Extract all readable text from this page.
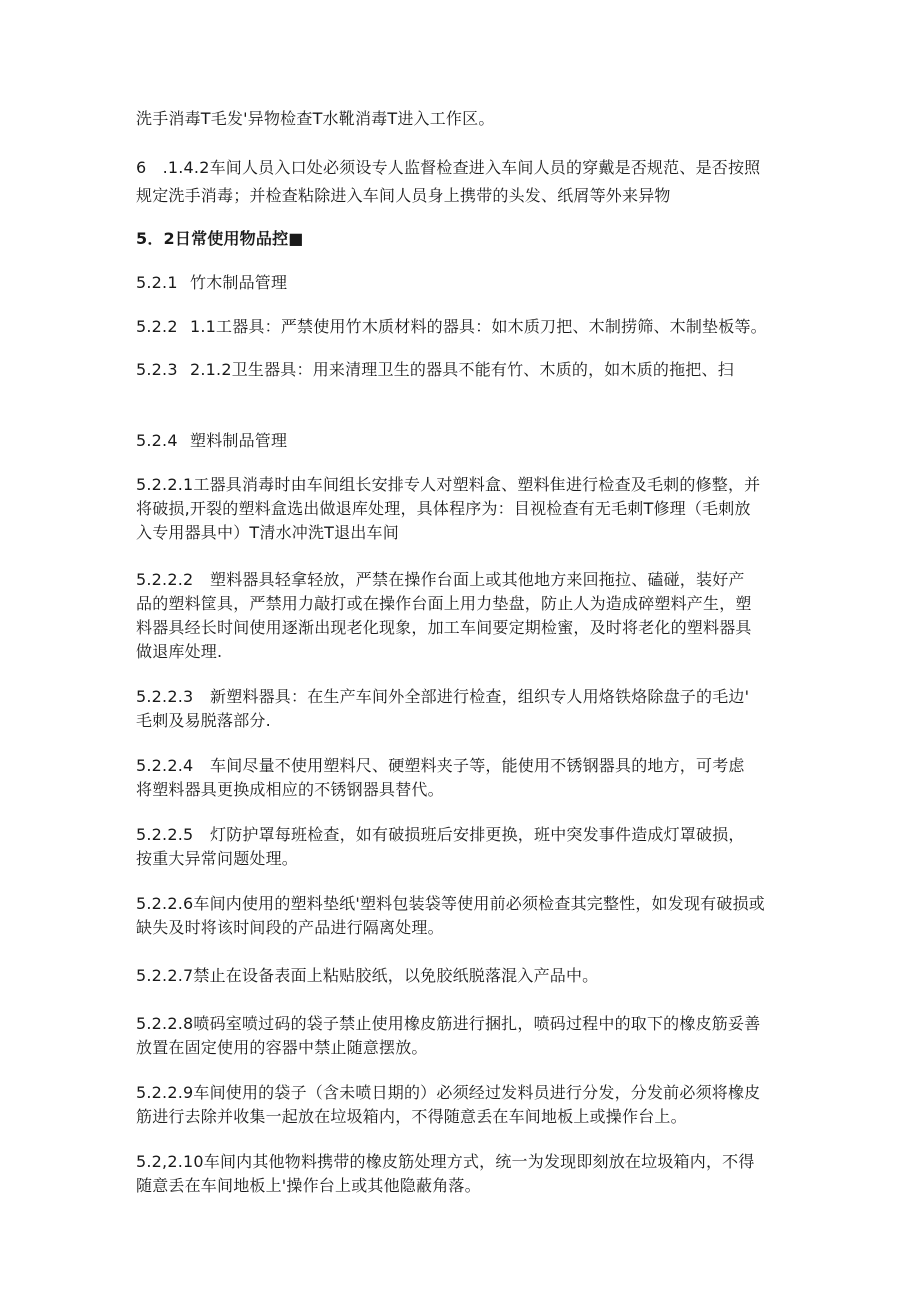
洗手消毒T毛发'异物检查T水靴消毒T进入工作区。
6　.1.4.2车间人员入口处必须设专人监督检查进入车间人员的穿戴是否规范、是否按照
规定洗手消毒；并检查粘除进入车间人员身上携带的头发、纸屑等外来异物
5．2日常使用物品控■
5.2.1 竹木制品管理
5.2.2 1.1工器具：严禁使用竹木质材料的器具：如木质刀把、木制捞筛、木制垫板等。
5.2.3 2.1.2卫生器具：用来清理卫生的器具不能有竹、木质的，如木质的拖把、扫
5.2.4 塑料制品管理
5.2.2.1工器具消毒时由车间组长安排专人对塑料盒、塑料隹进行检查及毛刺的修整，并
将破损,开裂的塑料盒选出做退库处理，具体程序为：目视检查有无毛刺T修理（毛刺放
入专用器具中）T清水冲洗T退出车间
5.2.2.2 塑料器具轻拿轻放，严禁在操作台面上或其他地方来回拖拉、磕碰，装好产
品的塑料筐具，严禁用力敲打或在操作台面上用力垫盘，防止人为造成碎塑料产生，塑
料器具经长时间使用逐渐出现老化现象，加工车间要定期检蜜，及时将老化的塑料器具
做退库处理.
5.2.2.3 新塑料器具：在生产车间外全部进行检查，组织专人用烙铁烙除盘子的毛边'
毛刺及易脱落部分.
5.2.2.4 车间尽量不使用塑料尺、硬塑料夹子等，能使用不锈钢器具的地方，可考虑
将塑料器具更换成相应的不锈钢器具替代。
5.2.2.5 灯防护罩每班检查，如有破损班后安排更换，班中突发事件造成灯罩破损，
按重大异常问题处理。
5.2.2.6车间内使用的塑料垫纸'塑料包装袋等使用前必须检查其完整性，如发现有破损或
缺失及时将该时间段的产品进行隔离处理。
5.2.2.7禁止在设备表面上粘贴胶纸，以免胶纸脱落混入产品中。
5.2.2.8喷码室喷过码的袋子禁止使用橡皮筋进行捆扎，喷码过程中的取下的橡皮筋妥善
放置在固定使用的容器中禁止随意摆放。
5.2.2.9车间使用的袋子（含未喷日期的）必须经过发料员进行分发，分发前必须将橡皮
筋进行去除并收集一起放在垃圾箱内，不得随意丢在车间地板上或操作台上。
5.2,2.10车间内其他物料携带的橡皮筋处理方式，统一为发现即刻放在垃圾箱内，不得
随意丢在车间地板上'操作台上或其他隐蔽角落。
